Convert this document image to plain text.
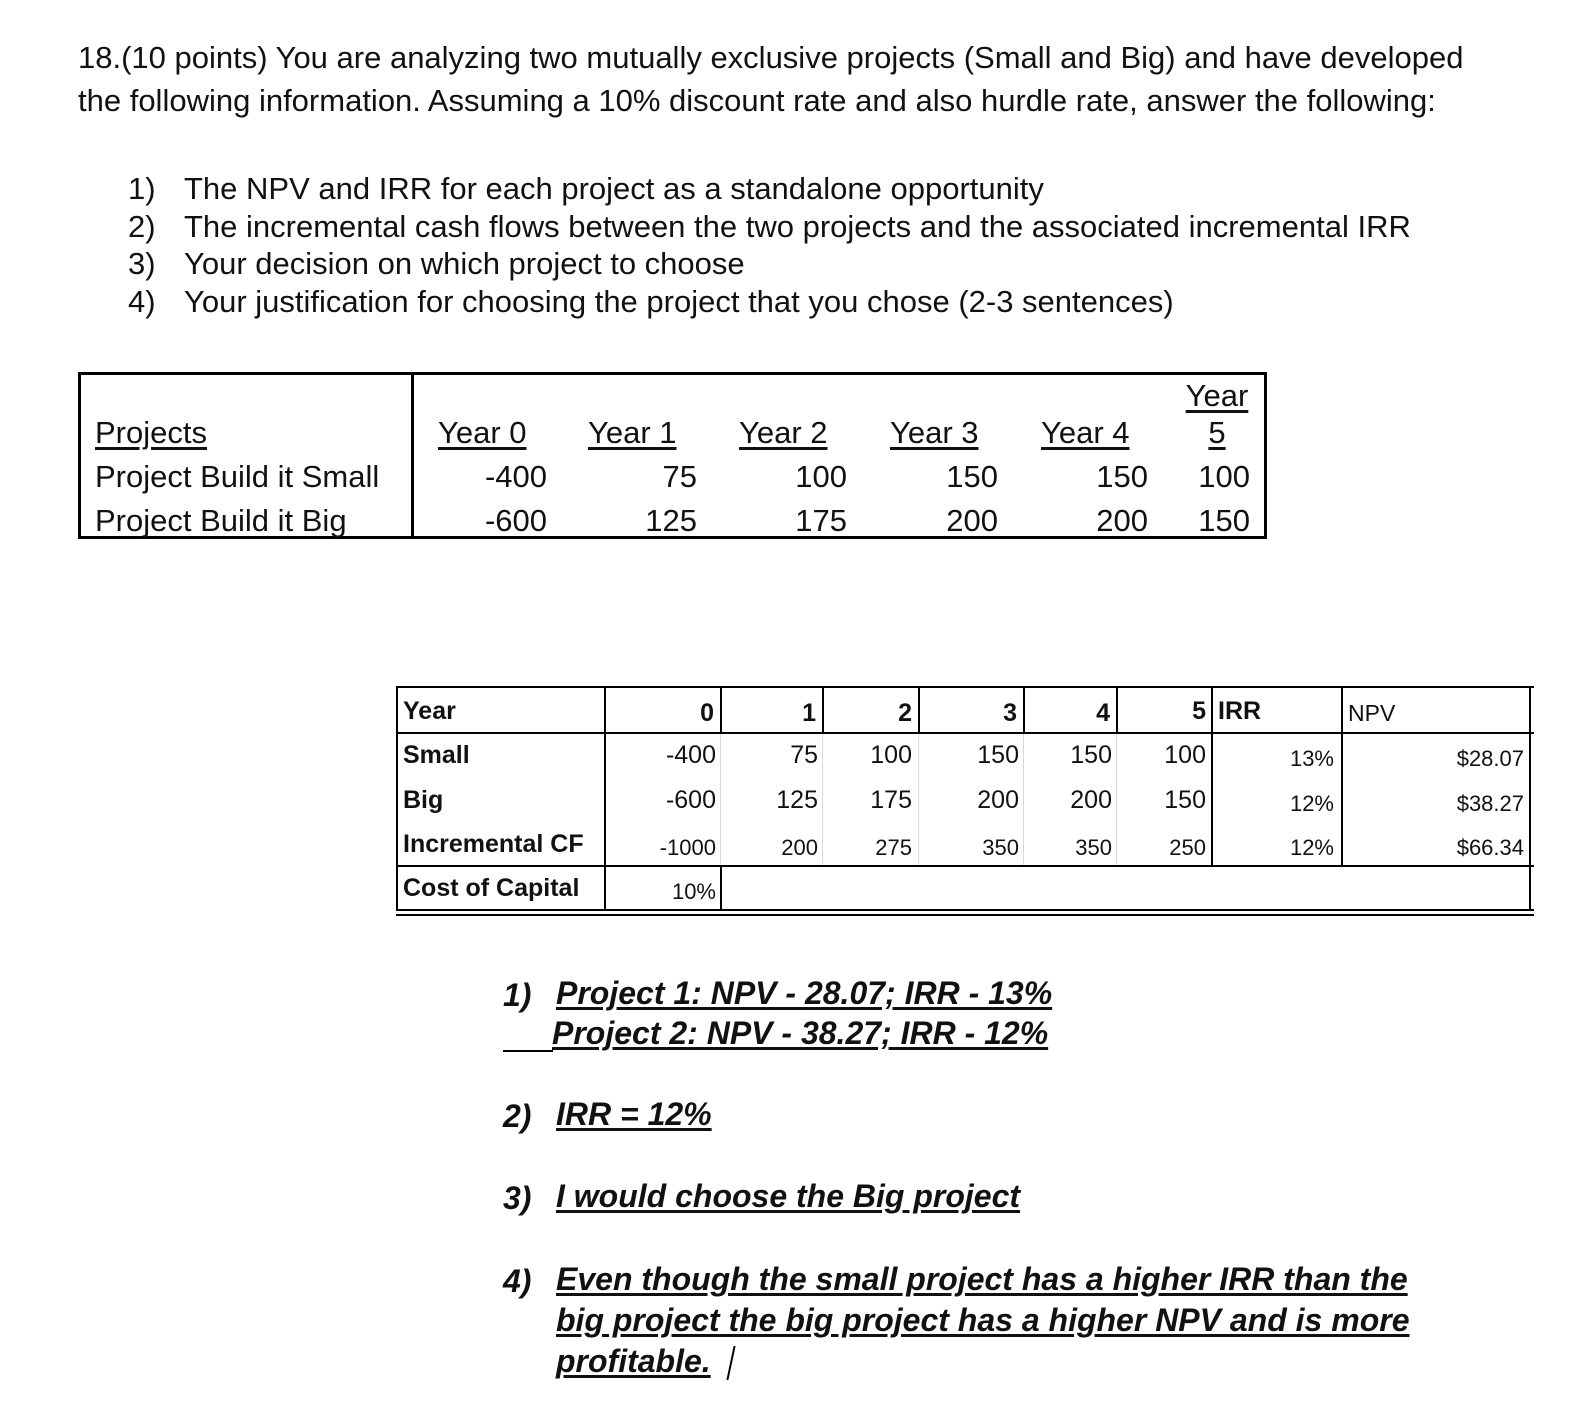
18.(10 points) You are analyzing two mutually exclusive projects (Small and Big) and have developed
the following information. Assuming a 10% discount rate and also hurdle rate, answer the following:
1) The NPV and IRR for each project as a standalone opportunity
2) The incremental cash flows between the two projects and the associated incremental IRR
3) Your decision on which project to choose
4) Your justification for choosing the project that you chose (2-3 sentences)
Projects	Year 0 Year 1 Year 2 Year 3 Year 4
Year
5
Project Build it Small	-400	75	100	150	150	100
Project Build it Big	-600	125	175	200	200	150
Year	0	1	2	3	4	5 IRR	NPV
Small	-400	75	100	150	150	100	13%	$28.07
Big	-600	125	175	200	200	150	12%	$38.27
Incremental CF	-1000	200	275	350	350	250	12%	$66.34
Cost of Capital	10%
1) Project 1: NPV - 28.07; IRR - 13%
Project 2: NPV - 38.27; IRR - 12%
2) IRR = 12%
3) I would choose the Big project
4) Even though the small project has a higher IRR than the
big project the big project has a higher NPV and is more
profitable.
